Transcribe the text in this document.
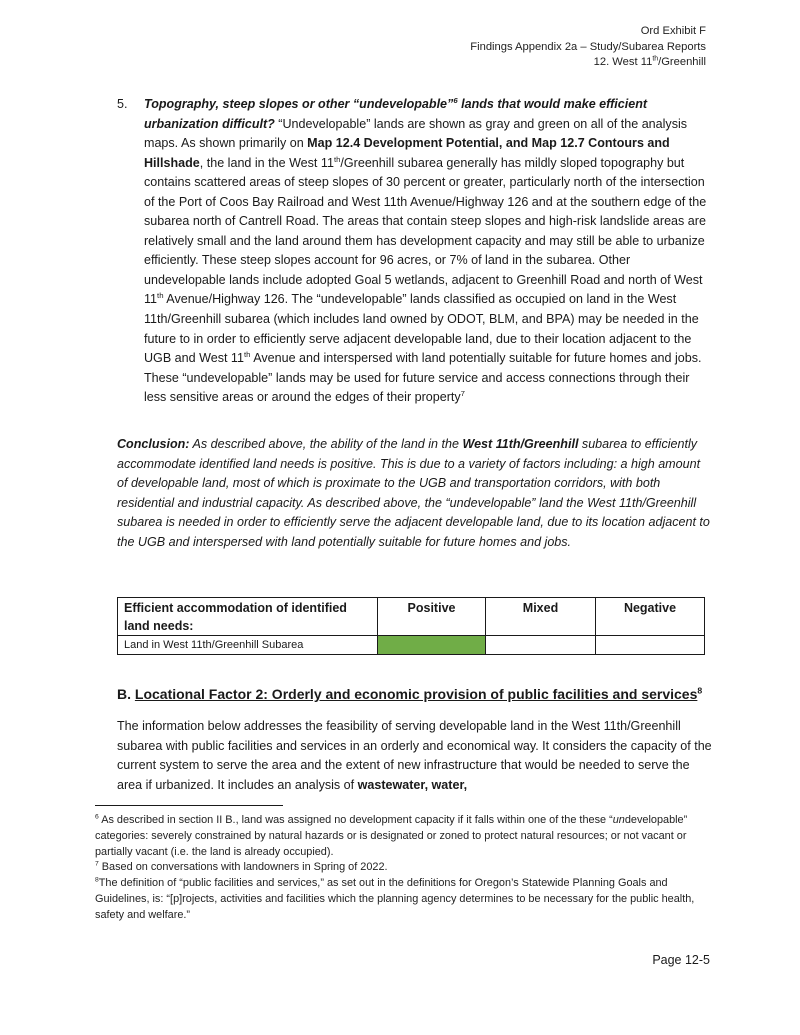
Ord Exhibit F
Findings Appendix 2a – Study/Subarea Reports
12. West 11th/Greenhill
5. Topography, steep slopes or other “undevelopable”$^6$ lands that would make efficient urbanization difficult? “Undevelopable” lands are shown as gray and green on all of the analysis maps. As shown primarily on Map 12.4 Development Potential, and Map 12.7 Contours and Hillshade, the land in the West 11th/Greenhill subarea generally has mildly sloped topography but contains scattered areas of steep slopes of 30 percent or greater, particularly north of the intersection of the Port of Coos Bay Railroad and West 11th Avenue/Highway 126 and at the southern edge of the subarea north of Cantrell Road. The areas that contain steep slopes and high-risk landslide areas are relatively small and the land around them has development capacity and may still be able to urbanize efficiently. These steep slopes account for 96 acres, or 7% of land in the subarea. Other undevelopable lands include adopted Goal 5 wetlands, adjacent to Greenhill Road and north of West 11th Avenue/Highway 126. The “undevelopable” lands classified as occupied on land in the West 11th/Greenhill subarea (which includes land owned by ODOT, BLM, and BPA) may be needed in the future to in order to efficiently serve adjacent developable land, due to their location adjacent to the UGB and West 11th Avenue and interspersed with land potentially suitable for future homes and jobs. These “undevelopable” lands may be used for future service and access connections through their less sensitive areas or around the edges of their property$^7$

Conclusion: As described above, the ability of the land in the West 11th/Greenhill subarea to efficiently accommodate identified land needs is positive. This is due to a variety of factors including: a high amount of developable land, most of which is proximate to the UGB and transportation corridors, with both residential and industrial capacity. As described above, the “undevelopable” land the West 11th/Greenhill subarea is needed in order to efficiently serve the adjacent developable land, due to its location adjacent to the UGB and interspersed with land potentially suitable for future homes and jobs.

Efficient accommodation of identified land needs:	Positive	Mixed	Negative
Land in West 11th/Greenhill Subarea			
B. Locational Factor 2: Orderly and economic provision of public facilities and services$^8$

The information below addresses the feasibility of serving developable land in the West 11th/Greenhill subarea with public facilities and services in an orderly and economical way. It considers the capacity of the current system to serve the area and the extent of new infrastructure that would be needed to serve the area if urbanized. It includes an analysis of wastewater, water,

$^6$ As described in section II B., land was assigned no development capacity if it falls within one of the these “undevelopable” categories: severely constrained by natural hazards or is designated or zoned to protect natural resources; or not vacant or partially vacant (i.e. the land is already occupied).

$^7$ Based on conversations with landowners in Spring of 2022.

$^8$The definition of “public facilities and services,” as set out in the definitions for Oregon’s Statewide Planning Goals and Guidelines, is: “[p]rojects, activities and facilities which the planning agency determines to be necessary for the public health, safety and welfare.”

Page 12-5
